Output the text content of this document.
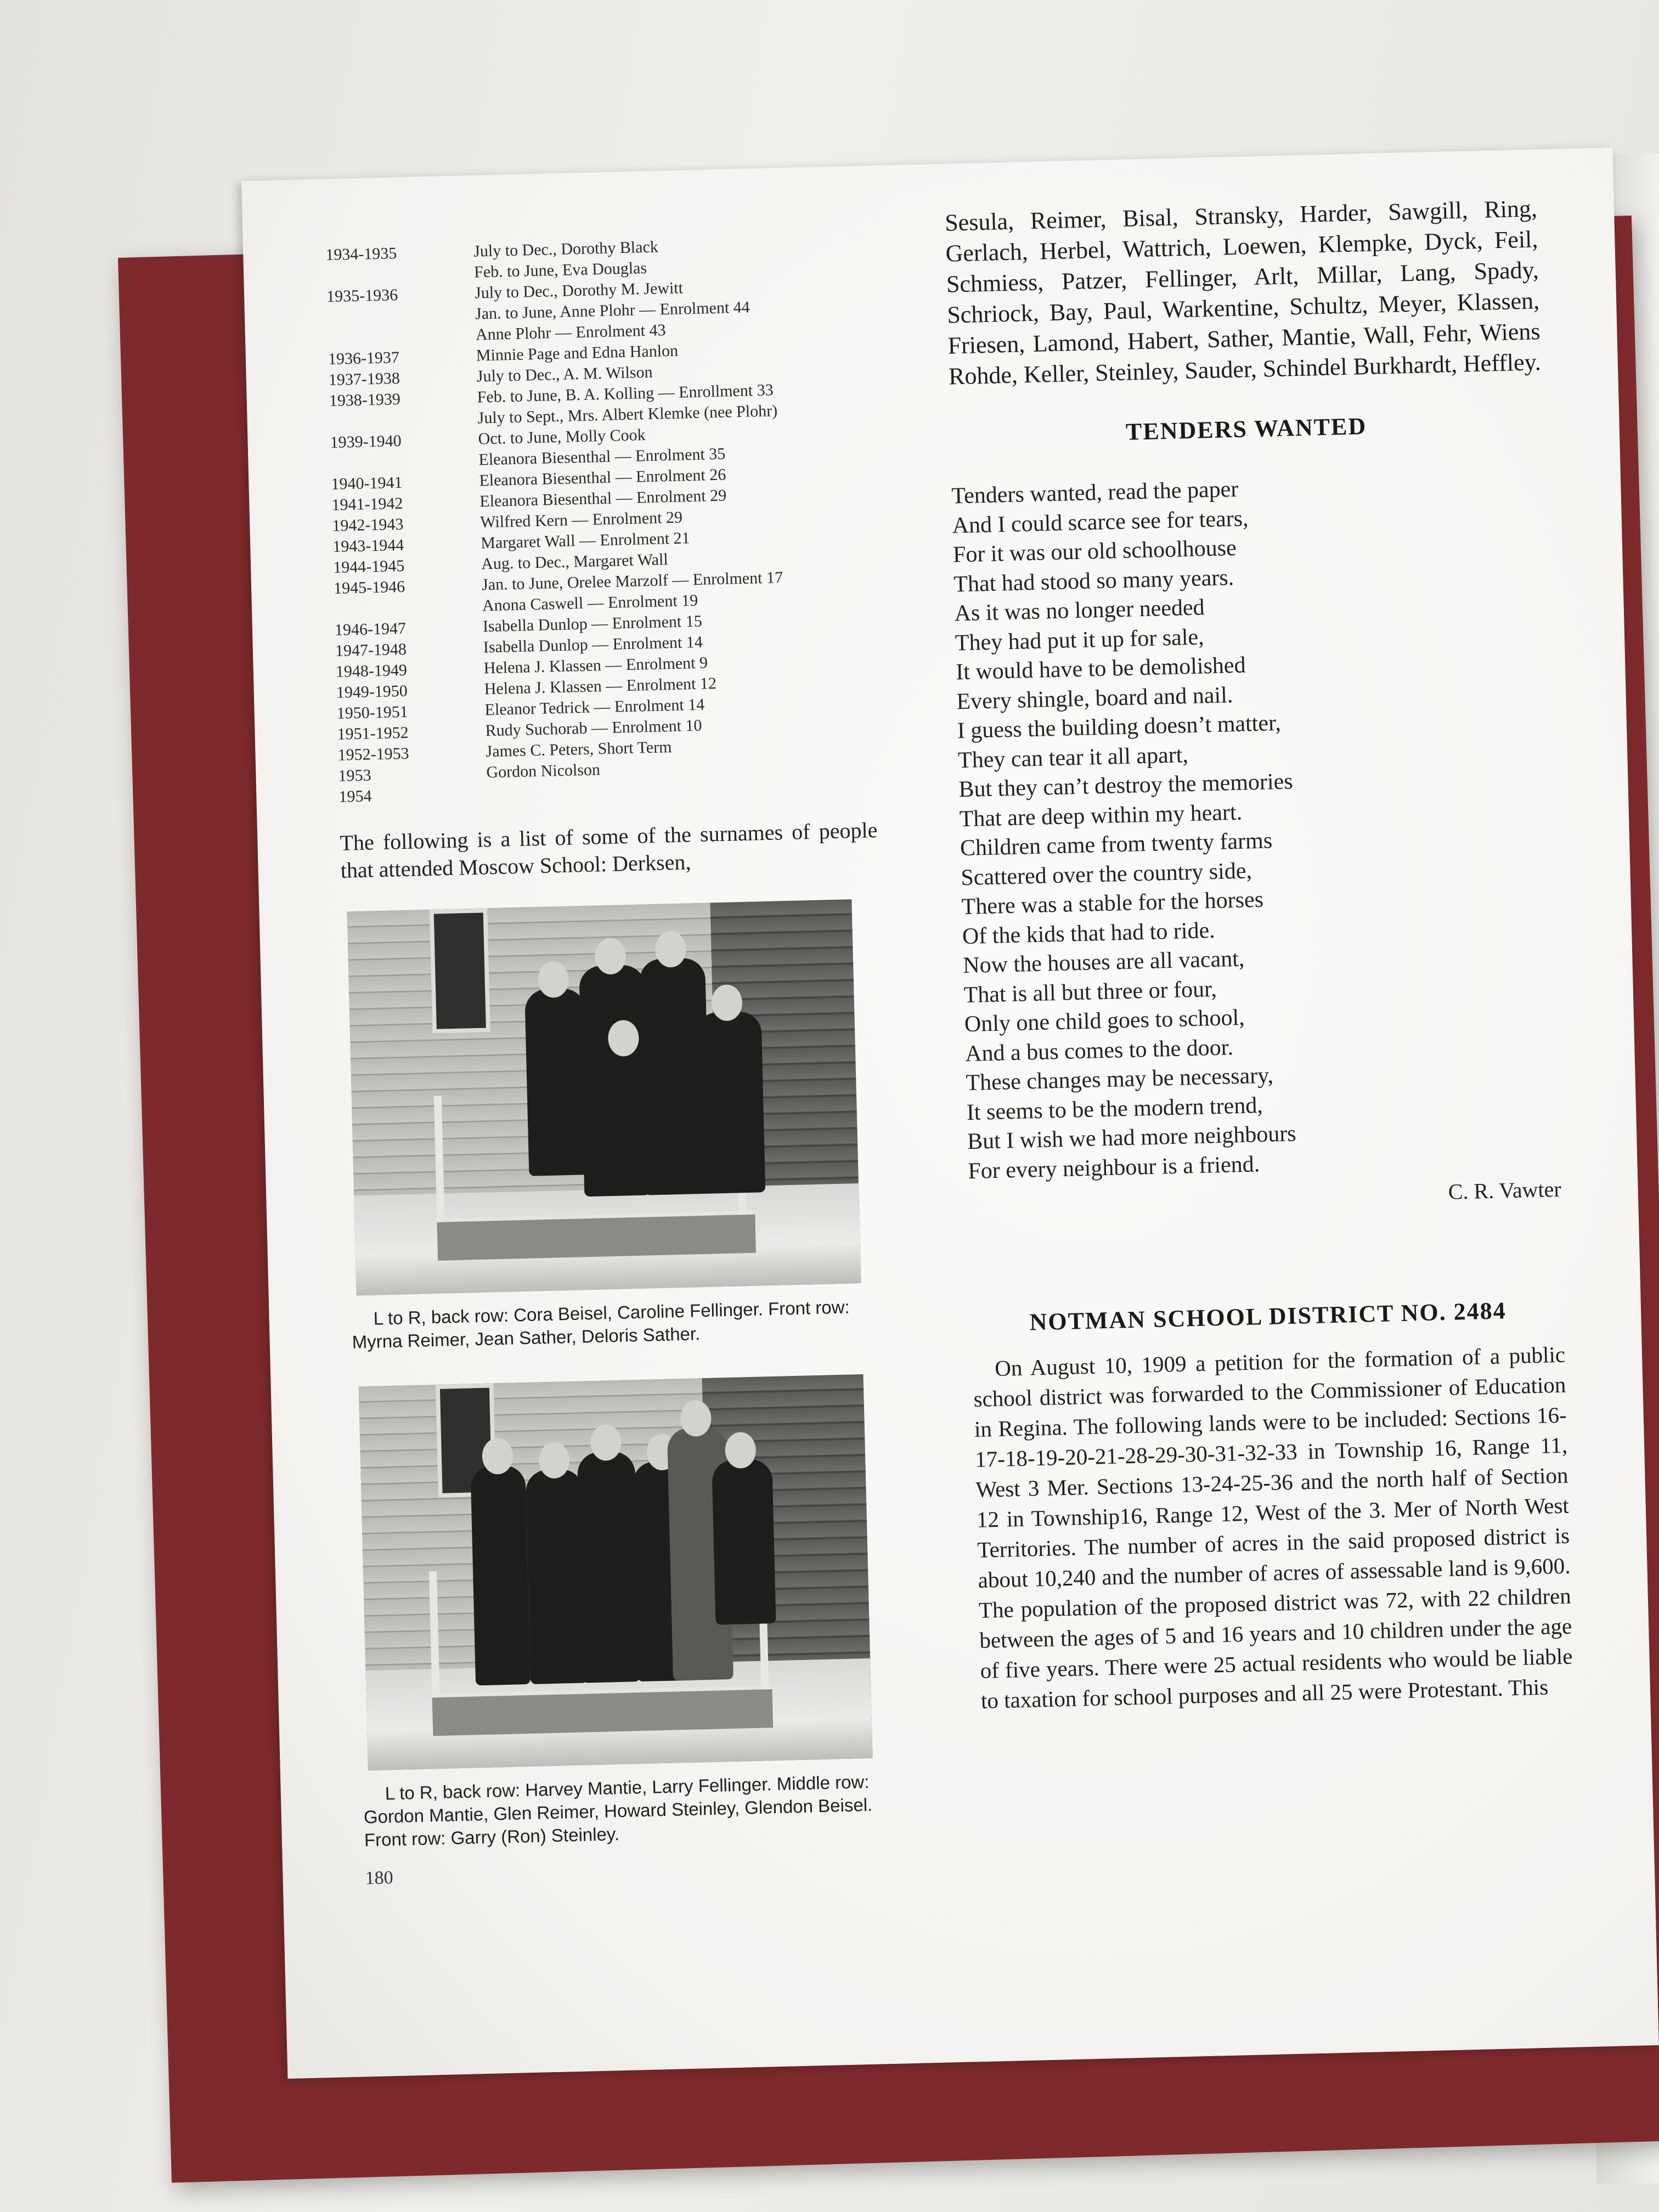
1934-1935	July to Dec., Dorothy Black
Feb. to June, Eva Douglas
1935-1936	July to Dec., Dorothy M. Jewitt
Jan. to June, Anne Plohr — Enrolment 44
Anne Plohr — Enrolment 43
1936-1937	Minnie Page and Edna Hanlon
1937-1938	July to Dec., A. M. Wilson
1938-1939	Feb. to June, B. A. Kolling — Enrollment 33
July to Sept., Mrs. Albert Klemke (nee Plohr)
1939-1940	Oct. to June, Molly Cook
Eleanora Biesenthal — Enrolment 35
1940-1941	Eleanora Biesenthal — Enrolment 26
1941-1942	Eleanora Biesenthal — Enrolment 29
1942-1943	Wilfred Kern — Enrolment 29
1943-1944	Margaret Wall — Enrolment 21
1944-1945	Aug. to Dec., Margaret Wall
1945-1946	Jan. to June, Orelee Marzolf — Enrolment 17
Anona Caswell — Enrolment 19
1946-1947	Isabella Dunlop — Enrolment 15
1947-1948	Isabella Dunlop — Enrolment 14
1948-1949	Helena J. Klassen — Enrolment 9
1949-1950	Helena J. Klassen — Enrolment 12
1950-1951	Eleanor Tedrick — Enrolment 14
1951-1952	Rudy Suchorab — Enrolment 10
1952-1953	James C. Peters, Short Term
1953	Gordon Nicolson
1954
The following is a list of some of the surnames of people that attended Moscow School: Derksen,
L to R, back row: Cora Beisel, Caroline Fellinger. Front row: Myrna Reimer, Jean Sather, Deloris Sather.
L to R, back row: Harvey Mantie, Larry Fellinger. Middle row: Gordon Mantie, Glen Reimer, Howard Steinley, Glendon Beisel. Front row: Garry (Ron) Steinley.
180
Sesula, Reimer, Bisal, Stransky, Harder, Sawgill, Ring, Gerlach, Herbel, Wattrich, Loewen, Klempke, Dyck, Feil, Schmiess, Patzer, Fellinger, Arlt, Millar, Lang, Spady, Schriock, Bay, Paul, Warkentine, Schultz, Meyer, Klassen, Friesen, Lamond, Habert, Sather, Mantie, Wall, Fehr, Wiens Rohde, Keller, Steinley, Sauder, Schindel Burkhardt, Heffley.
TENDERS WANTED
Tenders wanted, read the paper
And I could scarce see for tears,
For it was our old schoolhouse
That had stood so many years.
As it was no longer needed
They had put it up for sale,
It would have to be demolished
Every shingle, board and nail.
I guess the building doesn’t matter,
They can tear it all apart,
But they can’t destroy the memories
That are deep within my heart.
Children came from twenty farms
Scattered over the country side,
There was a stable for the horses
Of the kids that had to ride.
Now the houses are all vacant,
That is all but three or four,
Only one child goes to school,
And a bus comes to the door.
These changes may be necessary,
It seems to be the modern trend,
But I wish we had more neighbours
For every neighbour is a friend.
C. R. Vawter
NOTMAN SCHOOL DISTRICT NO. 2484
On August 10, 1909 a petition for the formation of a public school district was forwarded to the Commissioner of Education in Regina. The following lands were to be included: Sections 16-17-18-19-20-21-28-29-30-31-32-33 in Township 16, Range 11, West 3 Mer. Sections 13-24-25-36 and the north half of Section 12 in Township16, Range 12, West of the 3. Mer of North West Territories. The number of acres in the said proposed district is about 10,240 and the number of acres of assessable land is 9,600. The population of the proposed district was 72, with 22 children between the ages of 5 and 16 years and 10 children under the age of five years. There were 25 actual residents who would be liable to taxation for school purposes and all 25 were Protestant. This
